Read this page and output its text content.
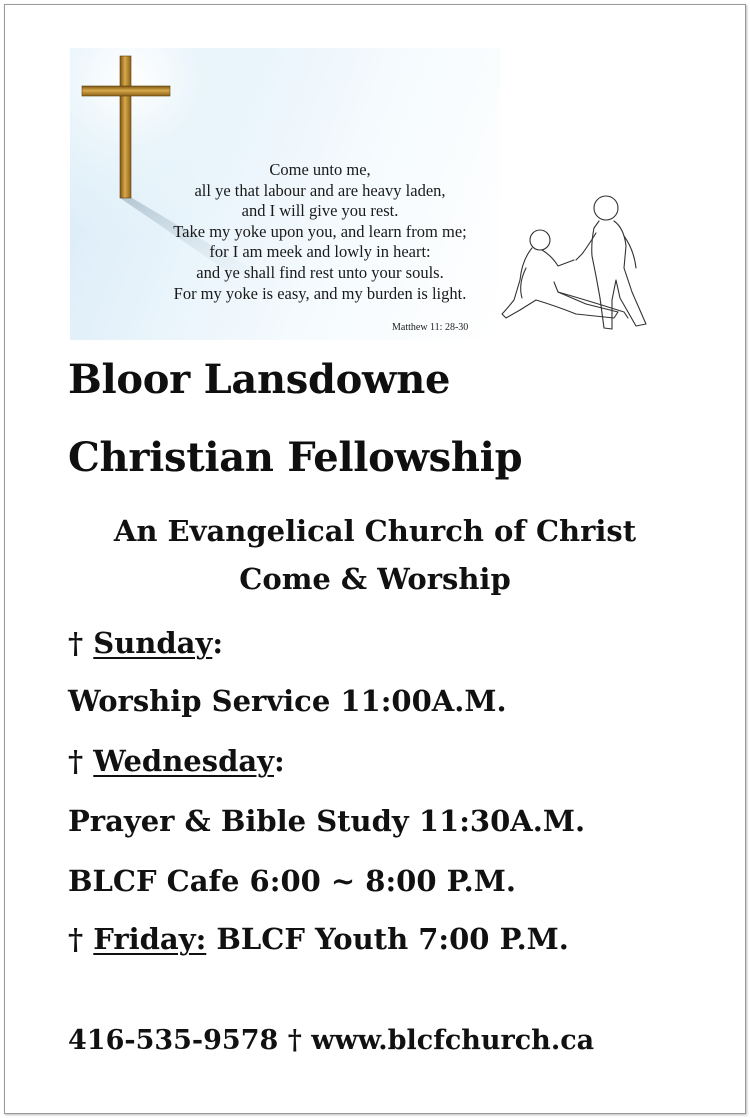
Come unto me,
all ye that labour and are heavy laden,
and I will give you rest.
Take my yoke upon you, and learn from me;
for I am meek and lowly in heart:
and ye shall find rest unto your souls.
For my yoke is easy, and my burden is light.
Matthew 11: 28-30
Bloor Lansdowne
Christian Fellowship
An Evangelical Church of Christ
Come & Worship
† Sunday:
Worship Service 11:00A.M.
† Wednesday:
Prayer & Bible Study 11:30A.M.
BLCF Cafe 6:00 ~ 8:00 P.M.
† Friday: BLCF Youth 7:00 P.M.
416-535-9578 † www.blcfchurch.ca
